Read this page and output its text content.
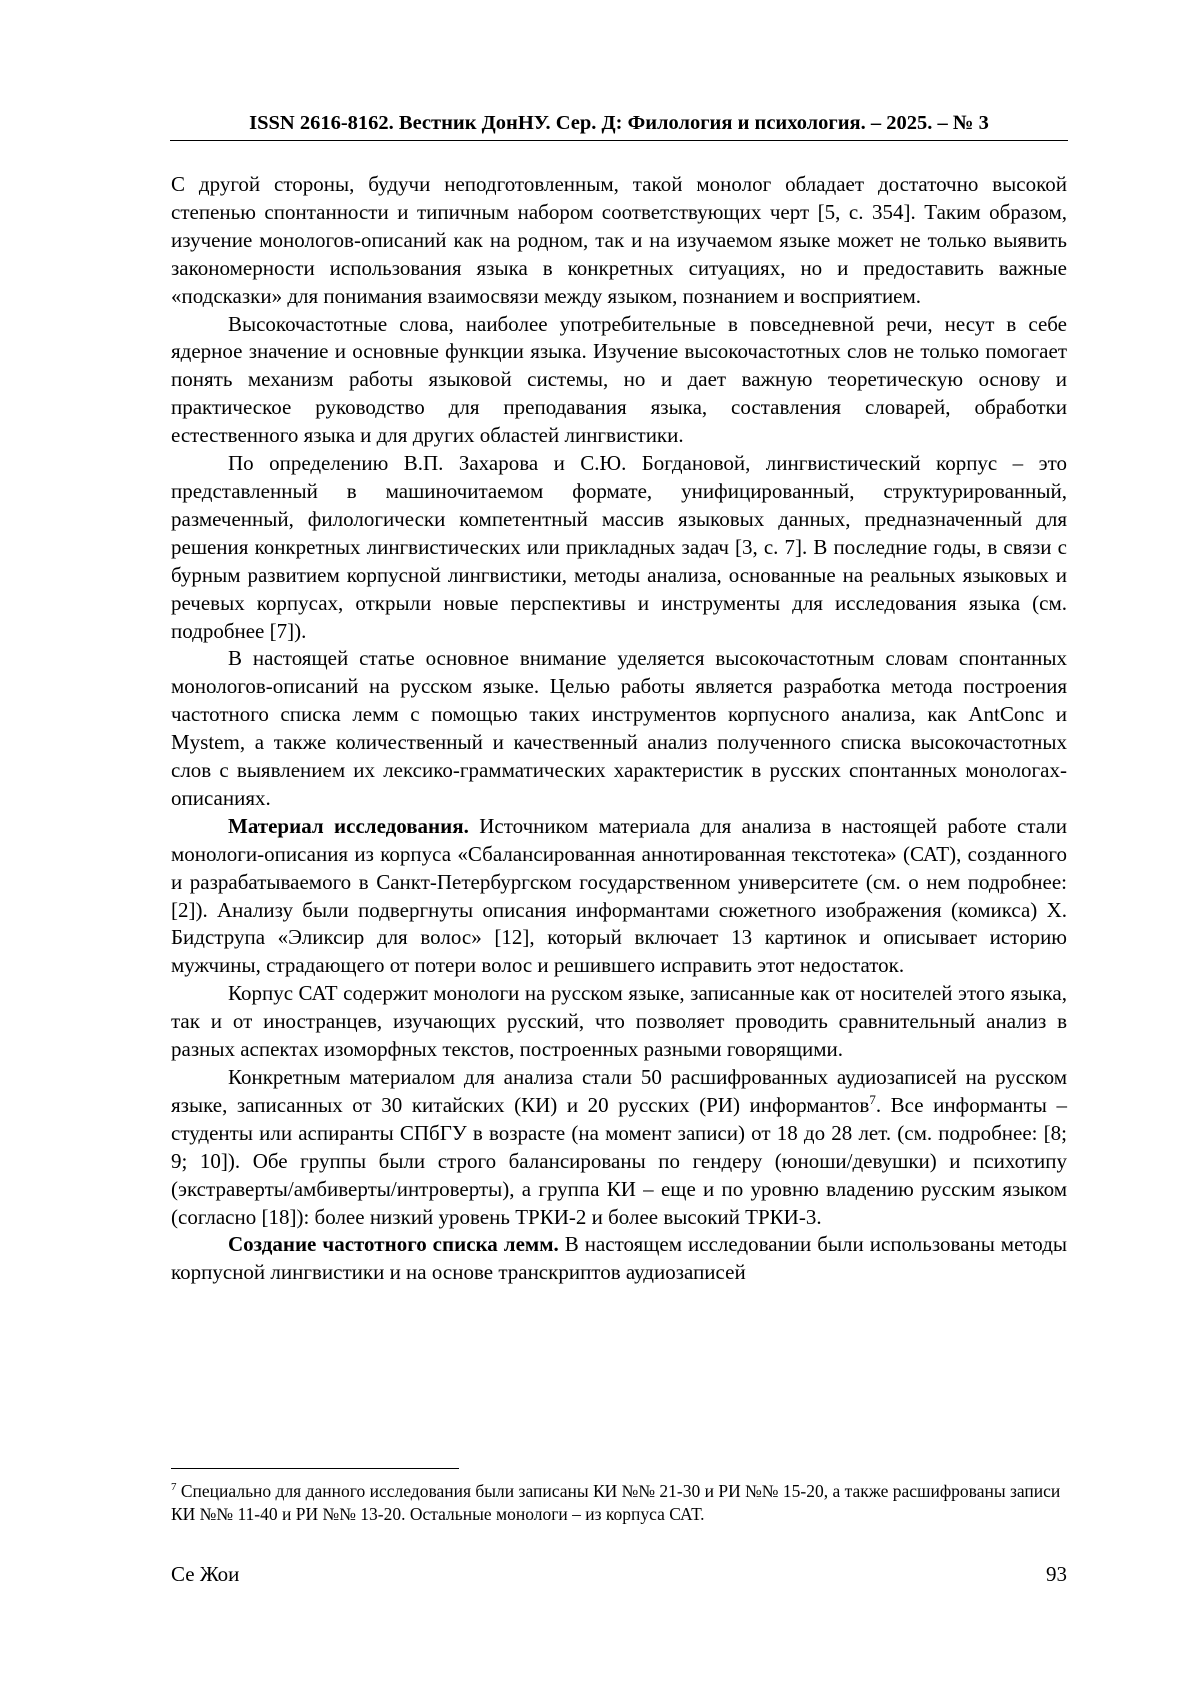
ISSN 2616-8162. Вестник ДонНУ. Сер. Д: Филология и психология. – 2025. – № 3

С другой стороны, будучи неподготовленным, такой монолог обладает достаточно высокой степенью спонтанности и типичным набором соответствующих черт [5, с. 354]. Таким образом, изучение монологов-описаний как на родном, так и на изучаемом языке может не только выявить закономерности использования языка в конкретных ситуациях, но и предоставить важные «подсказки» для понимания взаимосвязи между языком, познанием и восприятием.

Высокочастотные слова, наиболее употребительные в повседневной речи, несут в себе ядерное значение и основные функции языка. Изучение высокочастотных слов не только помогает понять механизм работы языковой системы, но и дает важную теоретическую основу и практическое руководство для преподавания языка, составления словарей, обработки естественного языка и для других областей лингвистики.

По определению В.П. Захарова и С.Ю. Богдановой, лингвистический корпус – это представленный в машиночитаемом формате, унифицированный, структурированный, размеченный, филологически компетентный массив языковых данных, предназначенный для решения конкретных лингвистических или прикладных задач [3, с. 7]. В последние годы, в связи с бурным развитием корпусной лингвистики, методы анализа, основанные на реальных языковых и речевых корпусах, открыли новые перспективы и инструменты для исследования языка (см. подробнее [7]).

В настоящей статье основное внимание уделяется высокочастотным словам спонтанных монологов-описаний на русском языке. Целью работы является разработка метода построения частотного списка лемм с помощью таких инструментов корпусного анализа, как AntConc и Mystem, а также количественный и качественный анализ полученного списка высокочастотных слов с выявлением их лексико-грамматических характеристик в русских спонтанных монологах-описаниях.

Материал исследования. Источником материала для анализа в настоящей работе стали монологи-описания из корпуса «Сбалансированная аннотированная текстотека» (САТ), созданного и разрабатываемого в Санкт-Петербургском государственном университете (см. о нем подробнее: [2]). Анализу были подвергнуты описания информантами сюжетного изображения (комикса) Х. Бидструпа «Эликсир для волос» [12], который включает 13 картинок и описывает историю мужчины, страдающего от потери волос и решившего исправить этот недостаток.

Корпус САТ содержит монологи на русском языке, записанные как от носителей этого языка, так и от иностранцев, изучающих русский, что позволяет проводить сравнительный анализ в разных аспектах изоморфных текстов, построенных разными говорящими.

Конкретным материалом для анализа стали 50 расшифрованных аудиозаписей на русском языке, записанных от 30 китайских (КИ) и 20 русских (РИ) информантов$^7$. Все информанты – студенты или аспиранты СПбГУ в возрасте (на момент записи) от 18 до 28 лет. (см. подробнее: [8; 9; 10]). Обе группы были строго балансированы по гендеру (юноши/девушки) и психотипу (экстраверты/амбиверты/интроверты), а группа КИ – еще и по уровню владению русским языком (согласно [18]): более низкий уровень ТРКИ-2 и более высокий ТРКИ-3.

Создание частотного списка лемм. В настоящем исследовании были использованы методы корпусной лингвистики и на основе транскриптов аудиозаписей

$^7$ Специально для данного исследования были записаны КИ №№ 21-30 и РИ №№ 15-20, а также расшифрованы записи КИ №№ 11-40 и РИ №№ 13-20. Остальные монологи – из корпуса САТ.
Се Жои	93
